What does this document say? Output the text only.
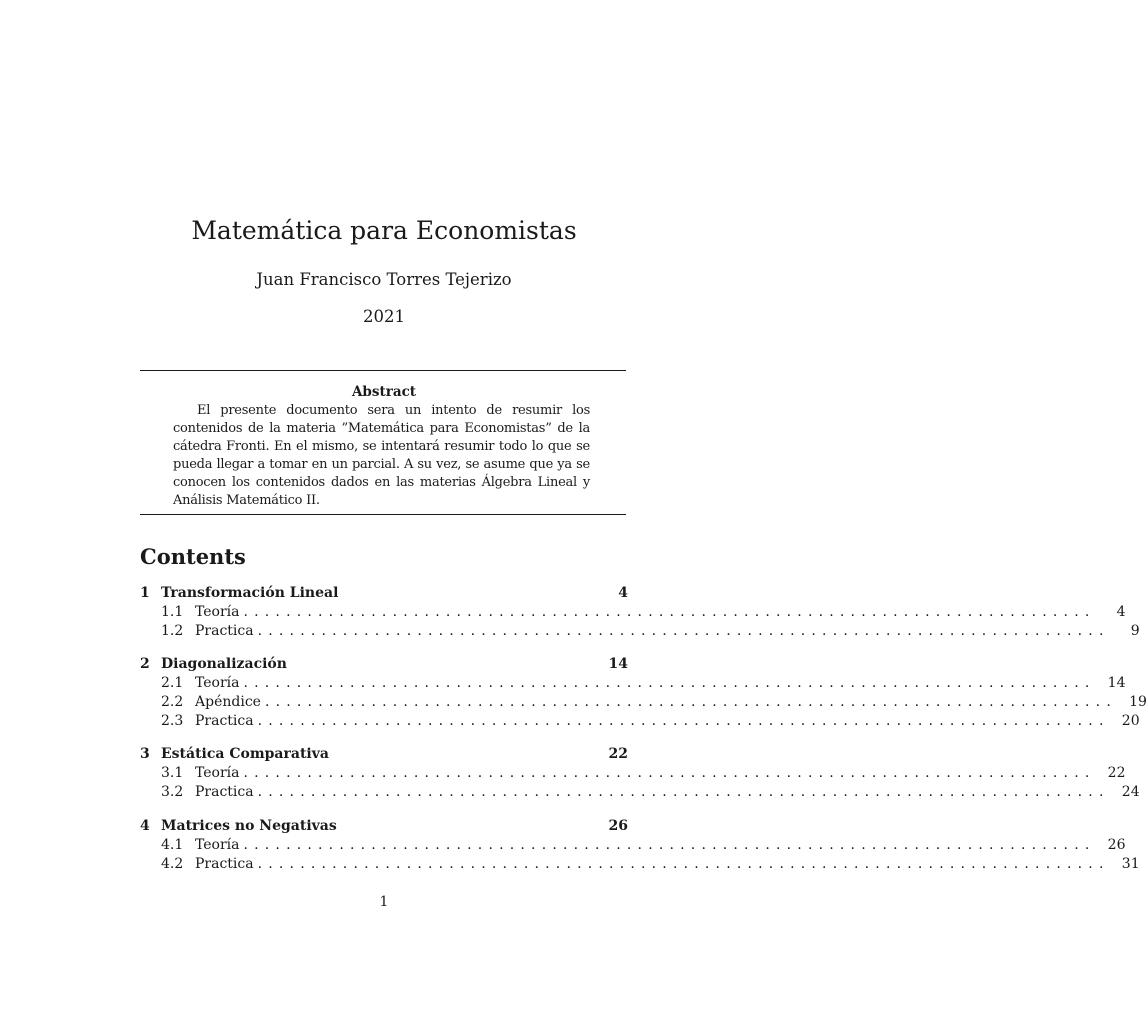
Matemática para Economistas
Juan Francisco Torres Tejerizo
2021
Abstract
El presente documento sera un intento de resumir los contenidos de la materia ”Matemática para Economistas” de la cátedra Fronti. En el mismo, se intentará resumir todo lo que se pueda llegar a tomar en un parcial. A su vez, se asume que ya se conocen los contenidos dados en las materias Álgebra Lineal y Análisis Matemático II.
Contents
1 Transformación Lineal	4
1.1 Teoría ................................................................................	4
1.2 Practica ................................................................................	9
2 Diagonalización	14
2.1 Teoría ................................................................................ 14
2.2 Apéndice ................................................................................ 19
2.3 Practica ................................................................................ 20
3 Estática Comparativa	22
3.1 Teoría ................................................................................ 22
3.2 Practica ................................................................................ 24
4 Matrices no Negativas	26
4.1 Teoría ................................................................................ 26
4.2 Practica ................................................................................ 31
1
